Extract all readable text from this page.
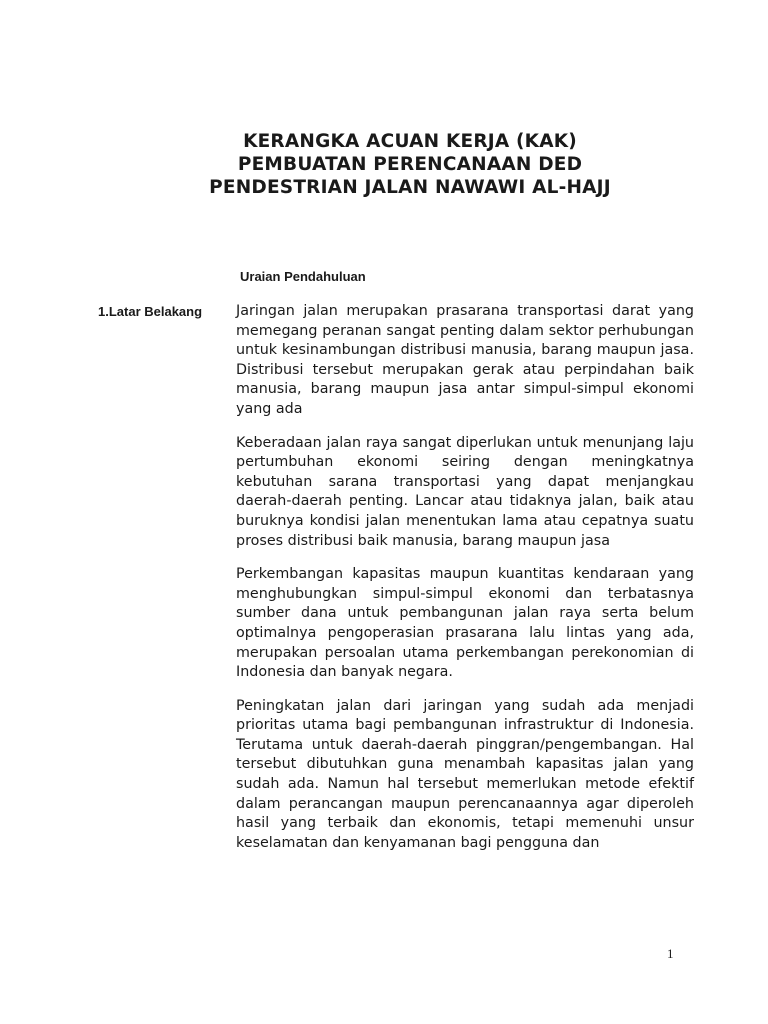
KERANGKA ACUAN KERJA (KAK)
PEMBUATAN PERENCANAAN DED
PENDESTRIAN JALAN NAWAWI AL-HAJJ
Uraian Pendahuluan
1.Latar Belakang Jaringan jalan merupakan prasarana transportasi darat yang memegang peranan sangat penting dalam sektor perhubungan untuk kesinambungan distribusi manusia, barang maupun jasa. Distribusi tersebut merupakan gerak atau perpindahan baik manusia, barang maupun jasa antar simpul-simpul ekonomi yang ada

Keberadaan jalan raya sangat diperlukan untuk menunjang laju pertumbuhan ekonomi seiring dengan meningkatnya kebutuhan sarana transportasi yang dapat menjangkau daerah-daerah penting. Lancar atau tidaknya jalan, baik atau buruknya kondisi jalan menentukan lama atau cepatnya suatu proses distribusi baik manusia, barang maupun jasa

Perkembangan kapasitas maupun kuantitas kendaraan yang menghubungkan simpul-simpul ekonomi dan terbatasnya sumber dana untuk pembangunan jalan raya serta belum optimalnya pengoperasian prasarana lalu lintas yang ada, merupakan persoalan utama perkembangan perekonomian di Indonesia dan banyak negara.

Peningkatan jalan dari jaringan yang sudah ada menjadi prioritas utama bagi pembangunan infrastruktur di Indonesia. Terutama untuk daerah-daerah pinggran/pengembangan. Hal tersebut dibutuhkan guna menambah kapasitas jalan yang sudah ada. Namun hal tersebut memerlukan metode efektif dalam perancangan maupun perencanaannya agar diperoleh hasil yang terbaik dan ekonomis, tetapi memenuhi unsur keselamatan dan kenyamanan bagi pengguna dan

1
